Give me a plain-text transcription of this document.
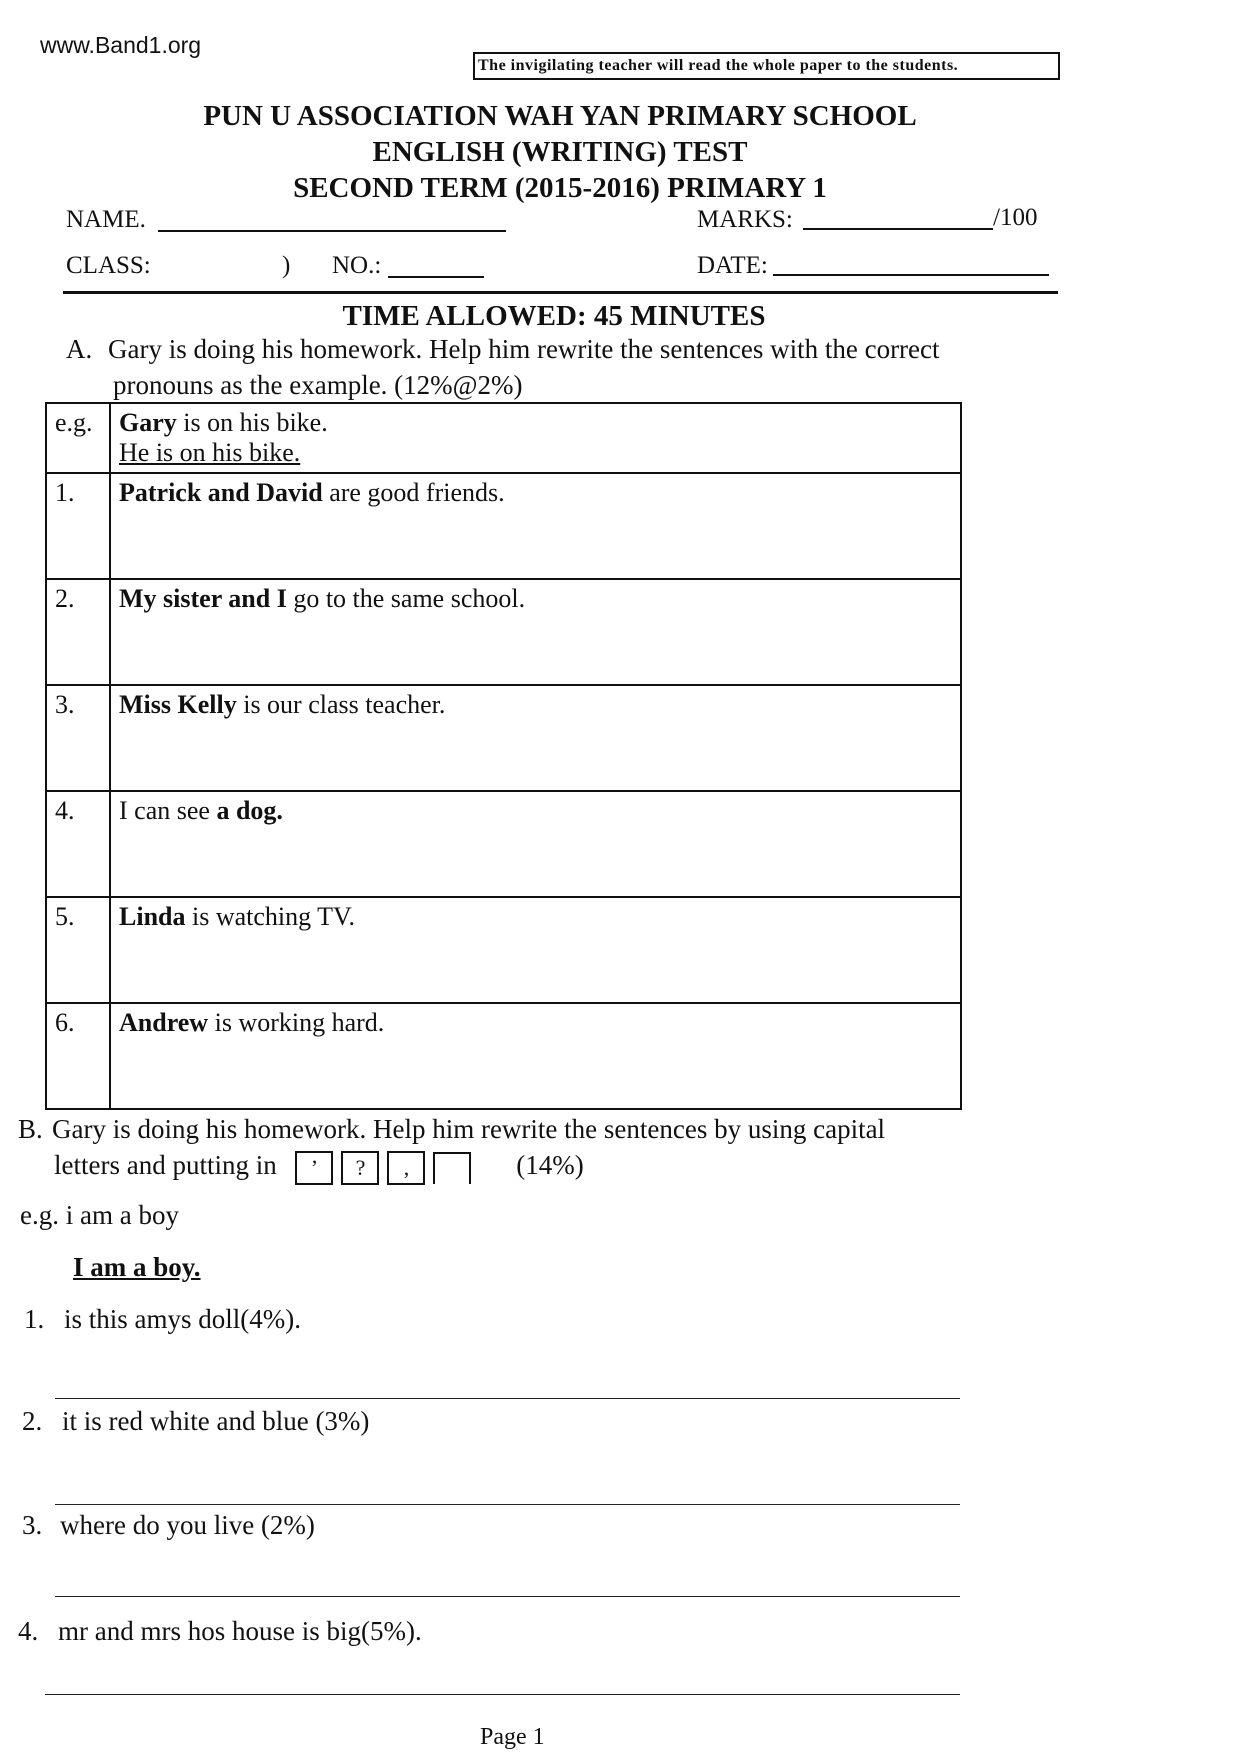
www.Band1.org
The invigilating teacher will read the whole paper to the students.
PUN U ASSOCIATION WAH YAN PRIMARY SCHOOL
ENGLISH (WRITING) TEST
SECOND TERM (2015-2016) PRIMARY 1
NAME.	MARKS:	/100
CLASS:	) NO.:	DATE:
TIME ALLOWED: 45 MINUTES
A. Gary is doing his homework. Help him rewrite the sentences with the correct
pronouns as the example. (12%@2%)
e.g.	Gary is on his bike.
He is on his bike.
1.	Patrick and David are good friends.
2.	My sister and I go to the same school.
3.	Miss Kelly is our class teacher.
4.	I can see a dog.
5.	Linda is watching TV.
6.	Andrew is working hard.
B. Gary is doing his homework. Help him rewrite the sentences by using capital
letters and putting in ’ ? ,	(14%)
e.g. i am a boy
I am a boy.
1. is this amys doll(4%).
2. it is red white and blue (3%)
3. where do you live (2%)
4. mr and mrs hos house is big(5%).
Page 1
